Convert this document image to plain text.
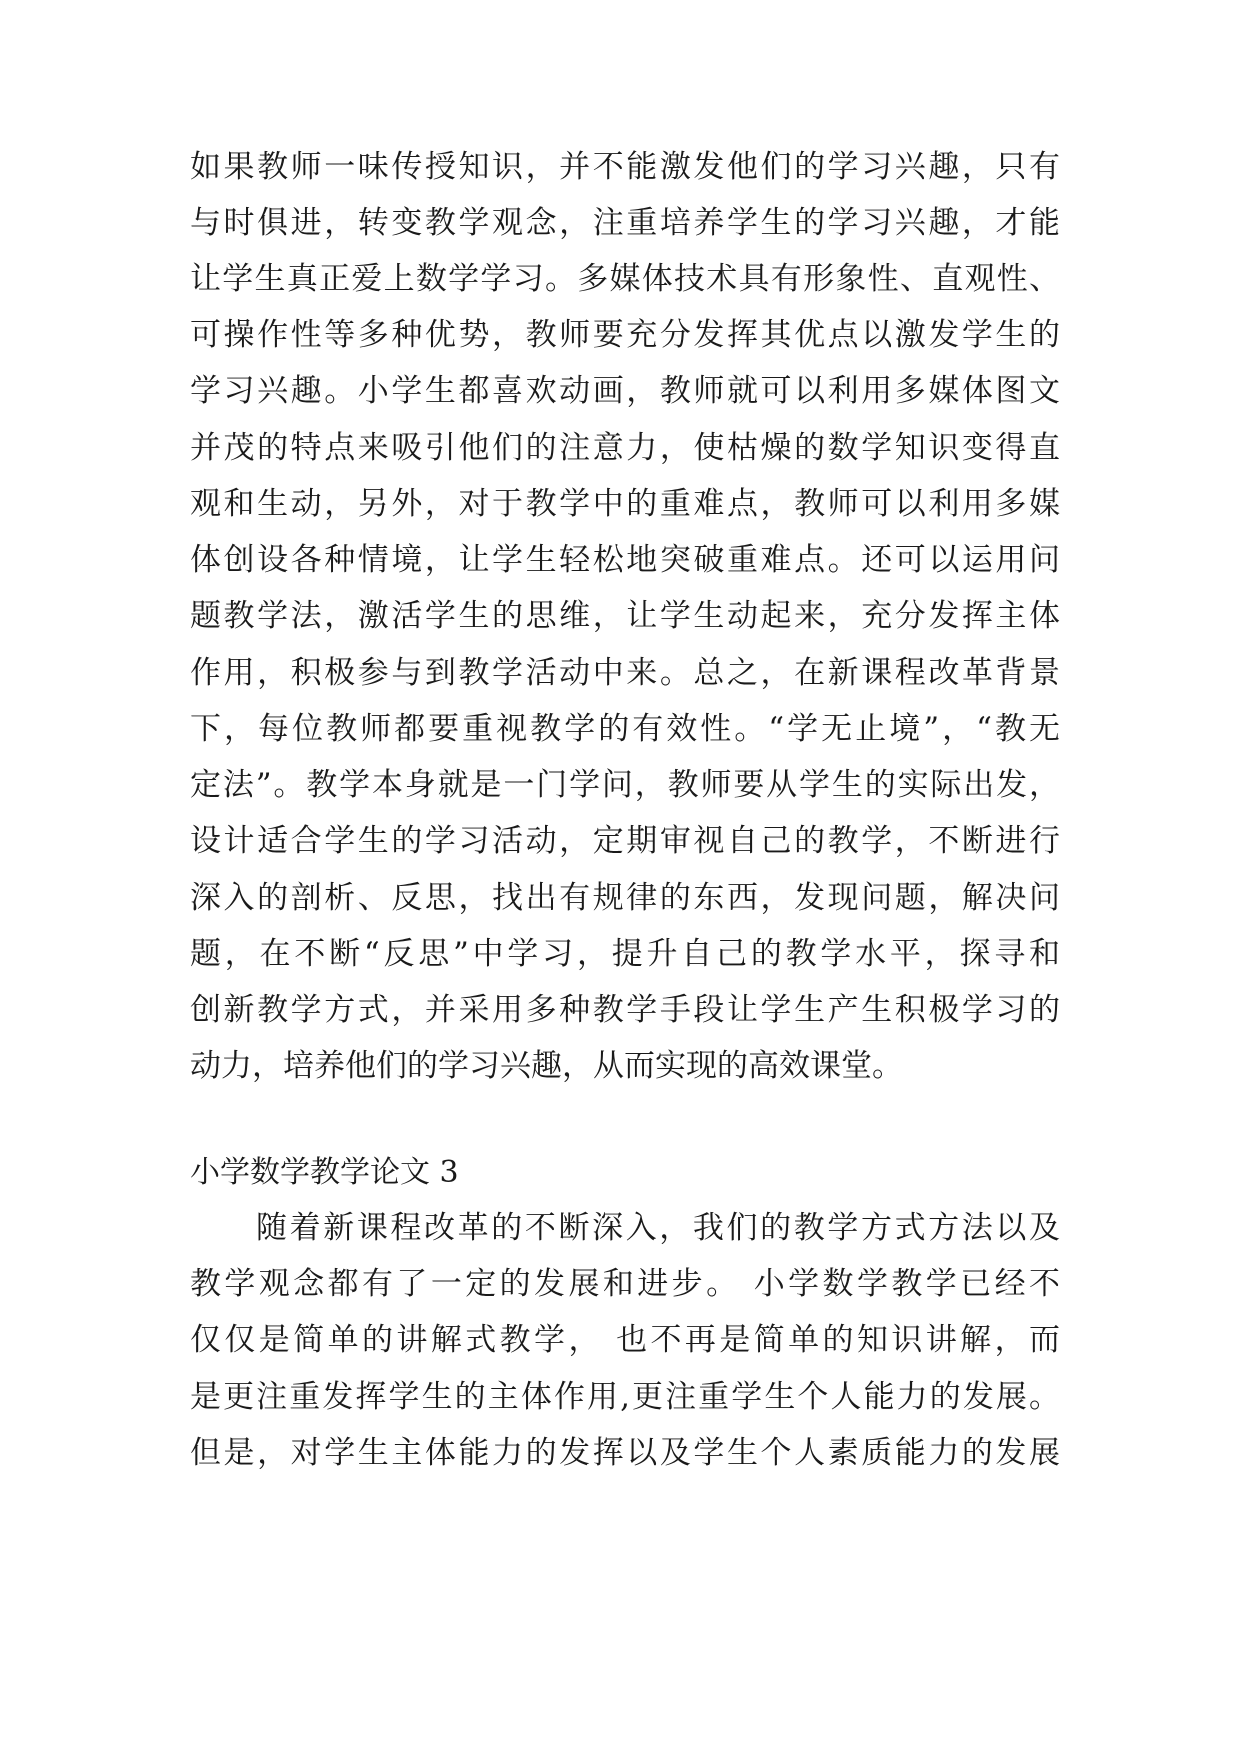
如果教师一味传授知识，并不能激发他们的学习兴趣，只有
与时俱进，转变教学观念，注重培养学生的学习兴趣，才能
让学生真正爱上数学学习。多媒体技术具有形象性、直观性、
可操作性等多种优势，教师要充分发挥其优点以激发学生的
学习兴趣。小学生都喜欢动画，教师就可以利用多媒体图文
并茂的特点来吸引他们的注意力，使枯燥的数学知识变得直
观和生动，另外，对于教学中的重难点，教师可以利用多媒
体创设各种情境，让学生轻松地突破重难点。还可以运用问
题教学法，激活学生的思维，让学生动起来，充分发挥主体
作用，积极参与到教学活动中来。总之，在新课程改革背景
下，每位教师都要重视教学的有效性。“学无止境”，“教无
定法”。教学本身就是一门学问，教师要从学生的实际出发，
设计适合学生的学习活动，定期审视自己的教学，不断进行
深入的剖析、反思，找出有规律的东西，发现问题，解决问
题，在不断“反思”中学习，提升自己的教学水平，探寻和
创新教学方式，并采用多种教学手段让学生产生积极学习的
动力，培养他们的学习兴趣，从而实现的高效课堂。
小学数学教学论文 3
随着新课程改革的不断深入，我们的教学方式方法以及
教学观念都有了一定的发展和进步。 小学数学教学已经不
仅仅是简单的讲解式教学， 也不再是简单的知识讲解，而
是更注重发挥学生的主体作用,更注重学生个人能力的发展。
但是，对学生主体能力的发挥以及学生个人素质能力的发展
